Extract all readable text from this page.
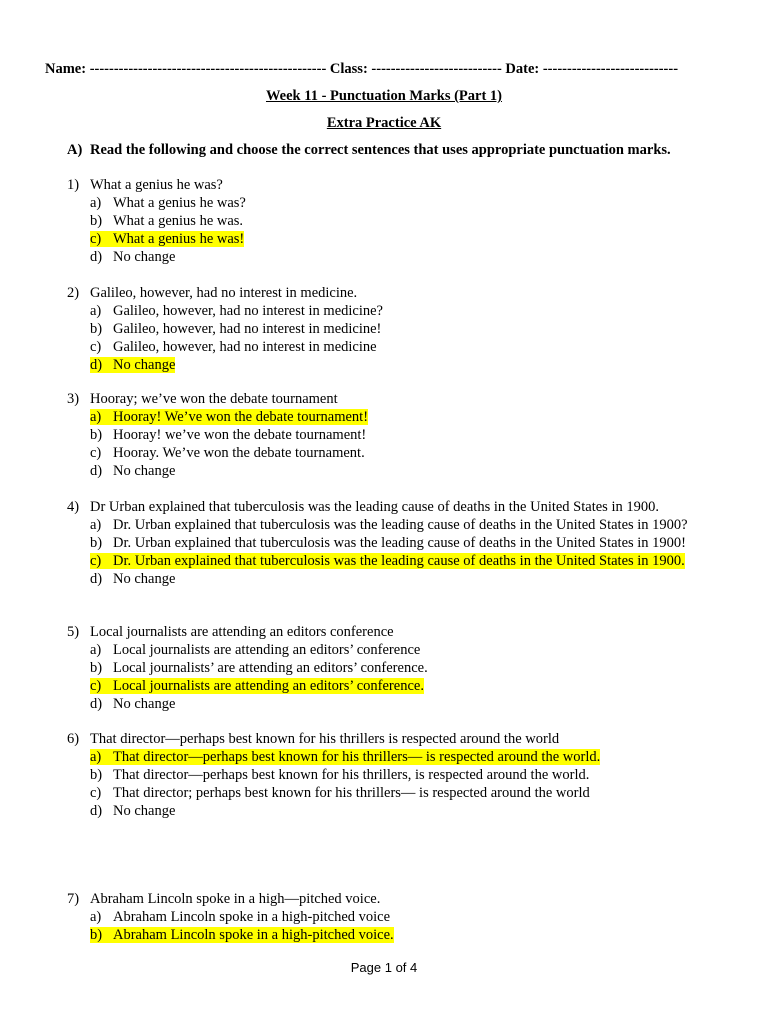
Name: ------------------------------------------------- Class: --------------------------- Date: ----------------------------
Week 11 - Punctuation Marks (Part 1)
Extra Practice AK
A) Read the following and choose the correct sentences that uses appropriate punctuation marks.
1) What a genius he was?
a) What a genius he was?
b) What a genius he was.
c) What a genius he was!
d) No change
2) Galileo, however, had no interest in medicine.
a) Galileo, however, had no interest in medicine?
b) Galileo, however, had no interest in medicine!
c) Galileo, however, had no interest in medicine
d) No change
3) Hooray; we’ve won the debate tournament
a) Hooray! We’ve won the debate tournament!
b) Hooray! we’ve won the debate tournament!
c) Hooray. We’ve won the debate tournament.
d) No change
4) Dr Urban explained that tuberculosis was the leading cause of deaths in the United States in 1900.
a) Dr. Urban explained that tuberculosis was the leading cause of deaths in the United States in 1900?
b) Dr. Urban explained that tuberculosis was the leading cause of deaths in the United States in 1900!
c) Dr. Urban explained that tuberculosis was the leading cause of deaths in the United States in 1900.
d) No change
5) Local journalists are attending an editors conference
a) Local journalists are attending an editors’ conference
b) Local journalists’ are attending an editors’ conference.
c) Local journalists are attending an editors’ conference.
d) No change
6) That director—perhaps best known for his thrillers is respected around the world
a) That director—perhaps best known for his thrillers— is respected around the world.
b) That director—perhaps best known for his thrillers, is respected around the world.
c) That director; perhaps best known for his thrillers— is respected around the world
d) No change
7) Abraham Lincoln spoke in a high—pitched voice.
a) Abraham Lincoln spoke in a high-pitched voice
b) Abraham Lincoln spoke in a high-pitched voice.
Page 1 of 4
